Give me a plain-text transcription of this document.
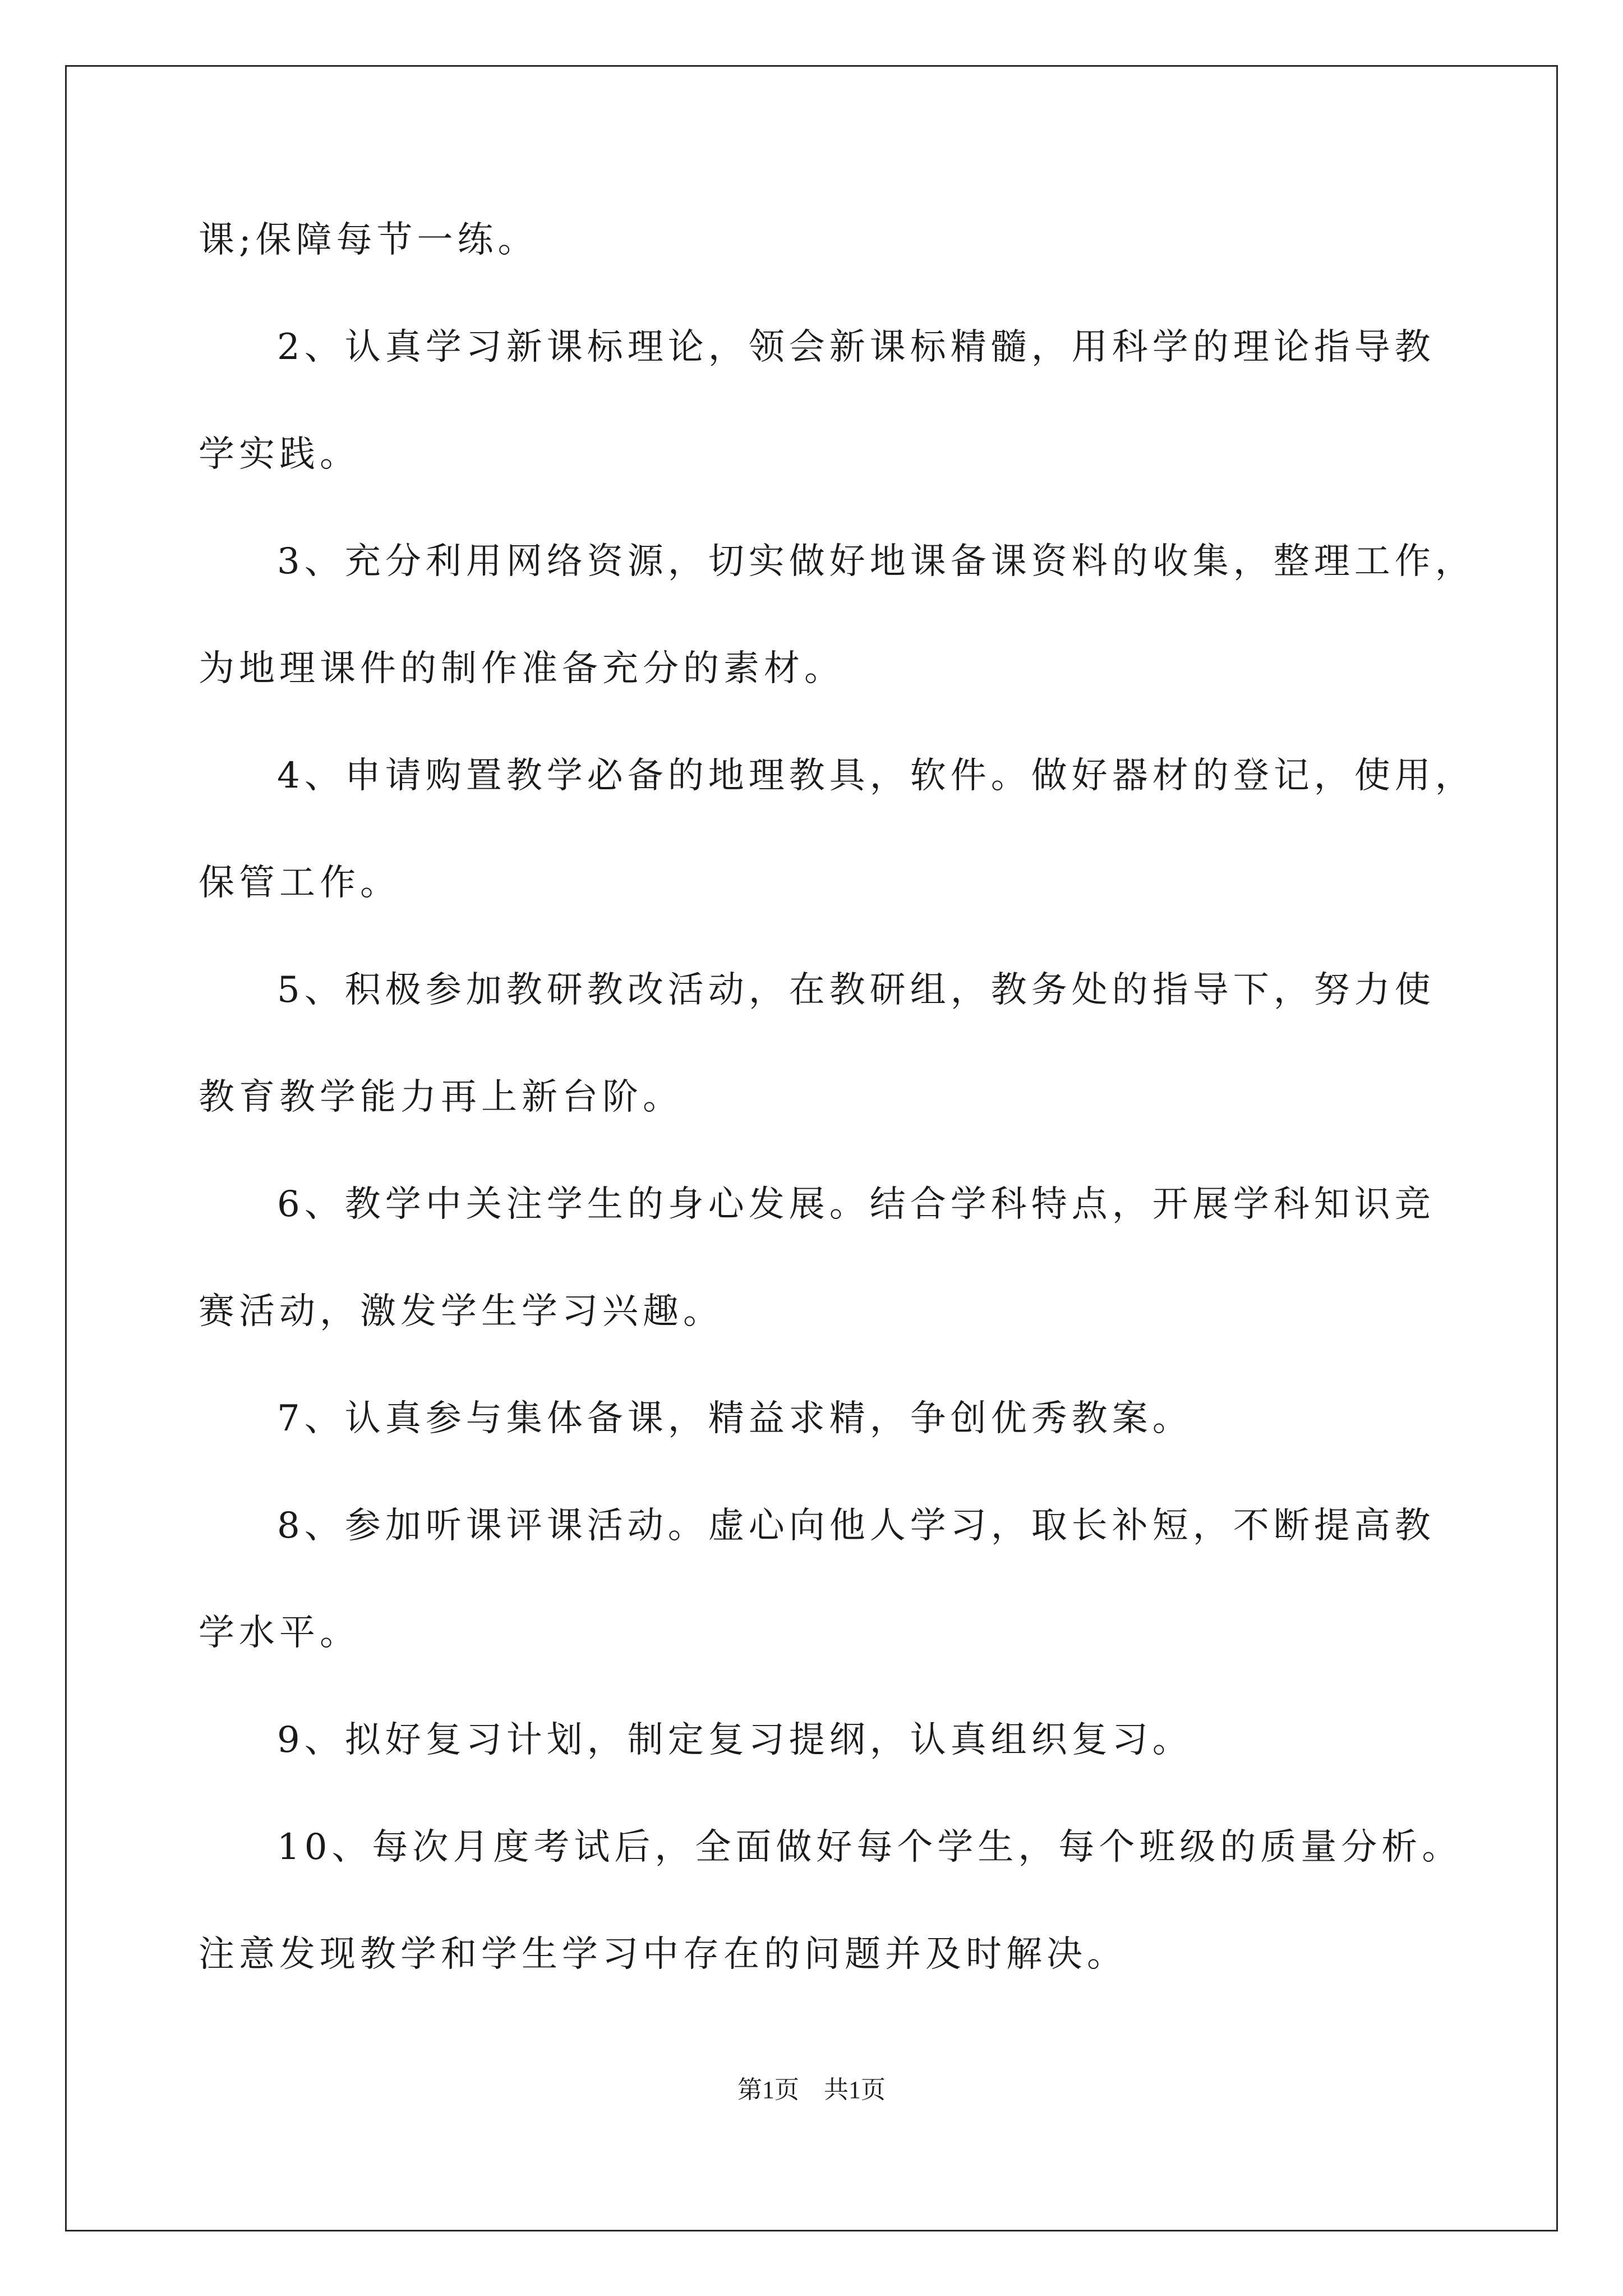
课;保障每节一练。
2、认真学习新课标理论，领会新课标精髓，用科学的理论指导教
学实践。
3、充分利用网络资源，切实做好地课备课资料的收集，整理工作，
为地理课件的制作准备充分的素材。
4、申请购置教学必备的地理教具，软件。做好器材的登记，使用，
保管工作。
5、积极参加教研教改活动，在教研组，教务处的指导下，努力使
教育教学能力再上新台阶。
6、教学中关注学生的身心发展。结合学科特点，开展学科知识竞
赛活动，激发学生学习兴趣。
7、认真参与集体备课，精益求精，争创优秀教案。
8、参加听课评课活动。虚心向他人学习，取长补短，不断提高教
学水平。
9、拟好复习计划，制定复习提纲，认真组织复习。
10、每次月度考试后，全面做好每个学生，每个班级的质量分析。
注意发现教学和学生学习中存在的问题并及时解决。
第1页 共1页
